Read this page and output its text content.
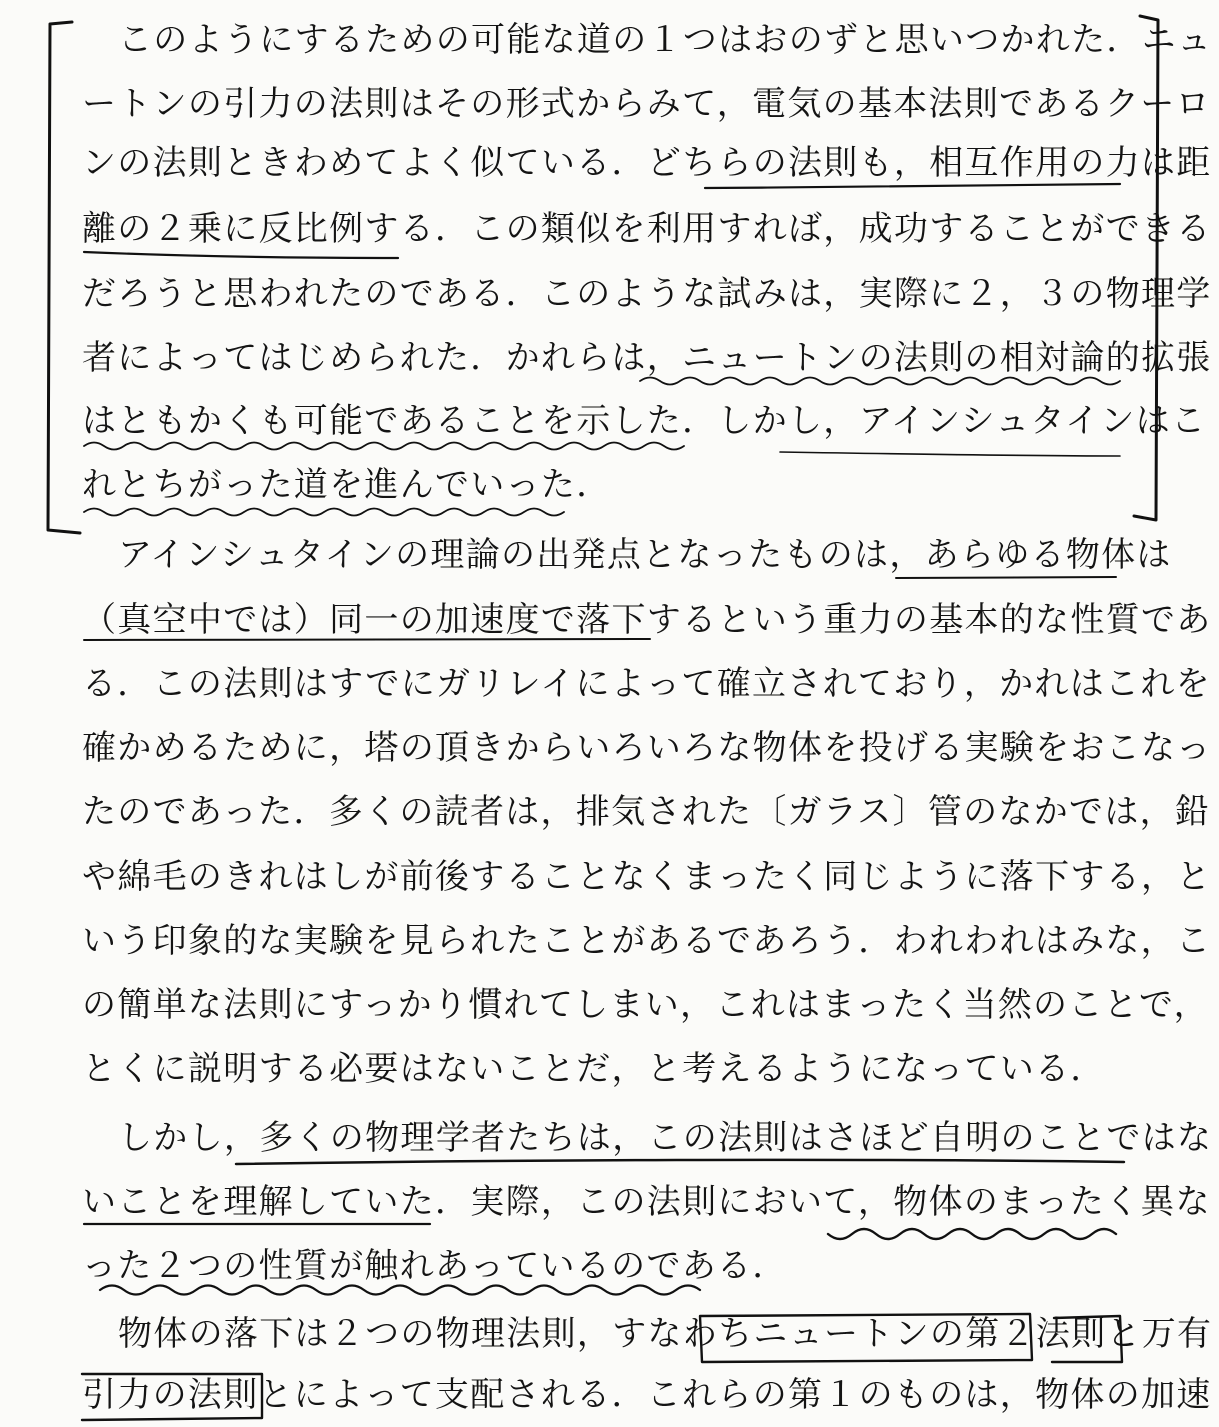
このようにするための可能な道の１つはおのずと思いつかれた．ニュ
ートンの引力の法則はその形式からみて，電気の基本法則であるクーロ
ンの法則ときわめてよく似ている．どちらの法則も，相互作用の力は距
離の２乗に反比例する．この類似を利用すれば，成功することができる
だろうと思われたのである．このような試みは，実際に２，３の物理学
者によってはじめられた．かれらは，ニュートンの法則の相対論的拡張
はともかくも可能であることを示した．しかし，アインシュタインはこ
れとちがった道を進んでいった．
アインシュタインの理論の出発点となったものは，あらゆる物体は
（真空中では）同一の加速度で落下するという重力の基本的な性質であ
る．この法則はすでにガリレイによって確立されており，かれはこれを
確かめるために，塔の頂きからいろいろな物体を投げる実験をおこなっ
たのであった．多くの読者は，排気された〔ガラス〕管のなかでは，鉛
や綿毛のきれはしが前後することなくまったく同じように落下する，と
いう印象的な実験を見られたことがあるであろう．われわれはみな，こ
の簡単な法則にすっかり慣れてしまい，これはまったく当然のことで，
とくに説明する必要はないことだ，と考えるようになっている．
しかし，多くの物理学者たちは，この法則はさほど自明のことではな
いことを理解していた．実際，この法則において，物体のまったく異な
った２つの性質が触れあっているのである．
物体の落下は２つの物理法則，すなわちニュートンの第２法則と万有
引力の法則とによって支配される．これらの第１のものは，物体の加速
